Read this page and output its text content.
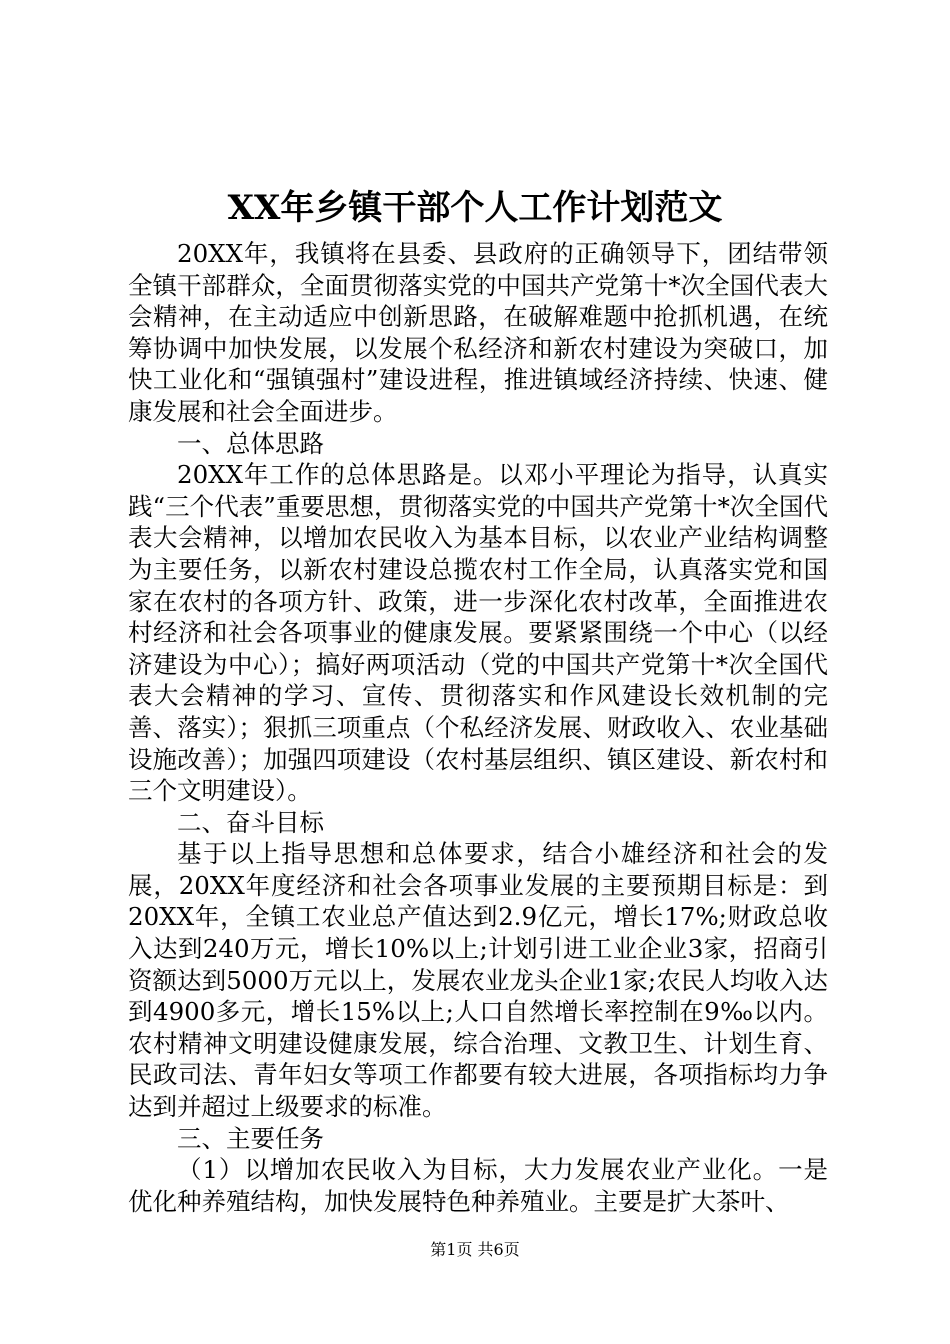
XX年乡镇干部个人工作计划范文

20XX年，我镇将在县委、县政府的正确领导下，团结带领全镇干部群众，全面贯彻落实党的中国共产党第十*次全国代表大会精神，在主动适应中创新思路，在破解难题中抢抓机遇，在统筹协调中加快发展，以发展个私经济和新农村建设为突破口，加快工业化和“强镇强村”建设进程，推进镇域经济持续、快速、健康发展和社会全面进步。

一、总体思路

20XX年工作的总体思路是。以邓小平理论为指导，认真实践“三个代表”重要思想，贯彻落实党的中国共产党第十*次全国代表大会精神，以增加农民收入为基本目标，以农业产业结构调整为主要任务，以新农村建设总揽农村工作全局，认真落实党和国家在农村的各项方针、政策，进一步深化农村改革，全面推进农村经济和社会各项事业的健康发展。要紧紧围绕一个中心（以经济建设为中心）；搞好两项活动（党的中国共产党第十*次全国代表大会精神的学习、宣传、贯彻落实和作风建设长效机制的完善、落实）；狠抓三项重点（个私经济发展、财政收入、农业基础设施改善）；加强四项建设（农村基层组织、镇区建设、新农村和三个文明建设）。

二、奋斗目标

基于以上指导思想和总体要求，结合小雄经济和社会的发展，20XX年度经济和社会各项事业发展的主要预期目标是：到20XX年，全镇工农业总产值达到2.9亿元，增长17%;财政总收入达到240万元，增长10%以上;计划引进工业企业3家，招商引资额达到5000万元以上，发展农业龙头企业1家;农民人均收入达到4900多元，增长15%以上;人口自然增长率控制在9‰以内。农村精神文明建设健康发展，综合治理、文教卫生、计划生育、民政司法、青年妇女等项工作都要有较大进展，各项指标均力争达到并超过上级要求的标准。

三、主要任务

（1）以增加农民收入为目标，大力发展农业产业化。一是优化种养殖结构，加快发展特色种养殖业。主要是扩大茶叶、

第1页 共6页
